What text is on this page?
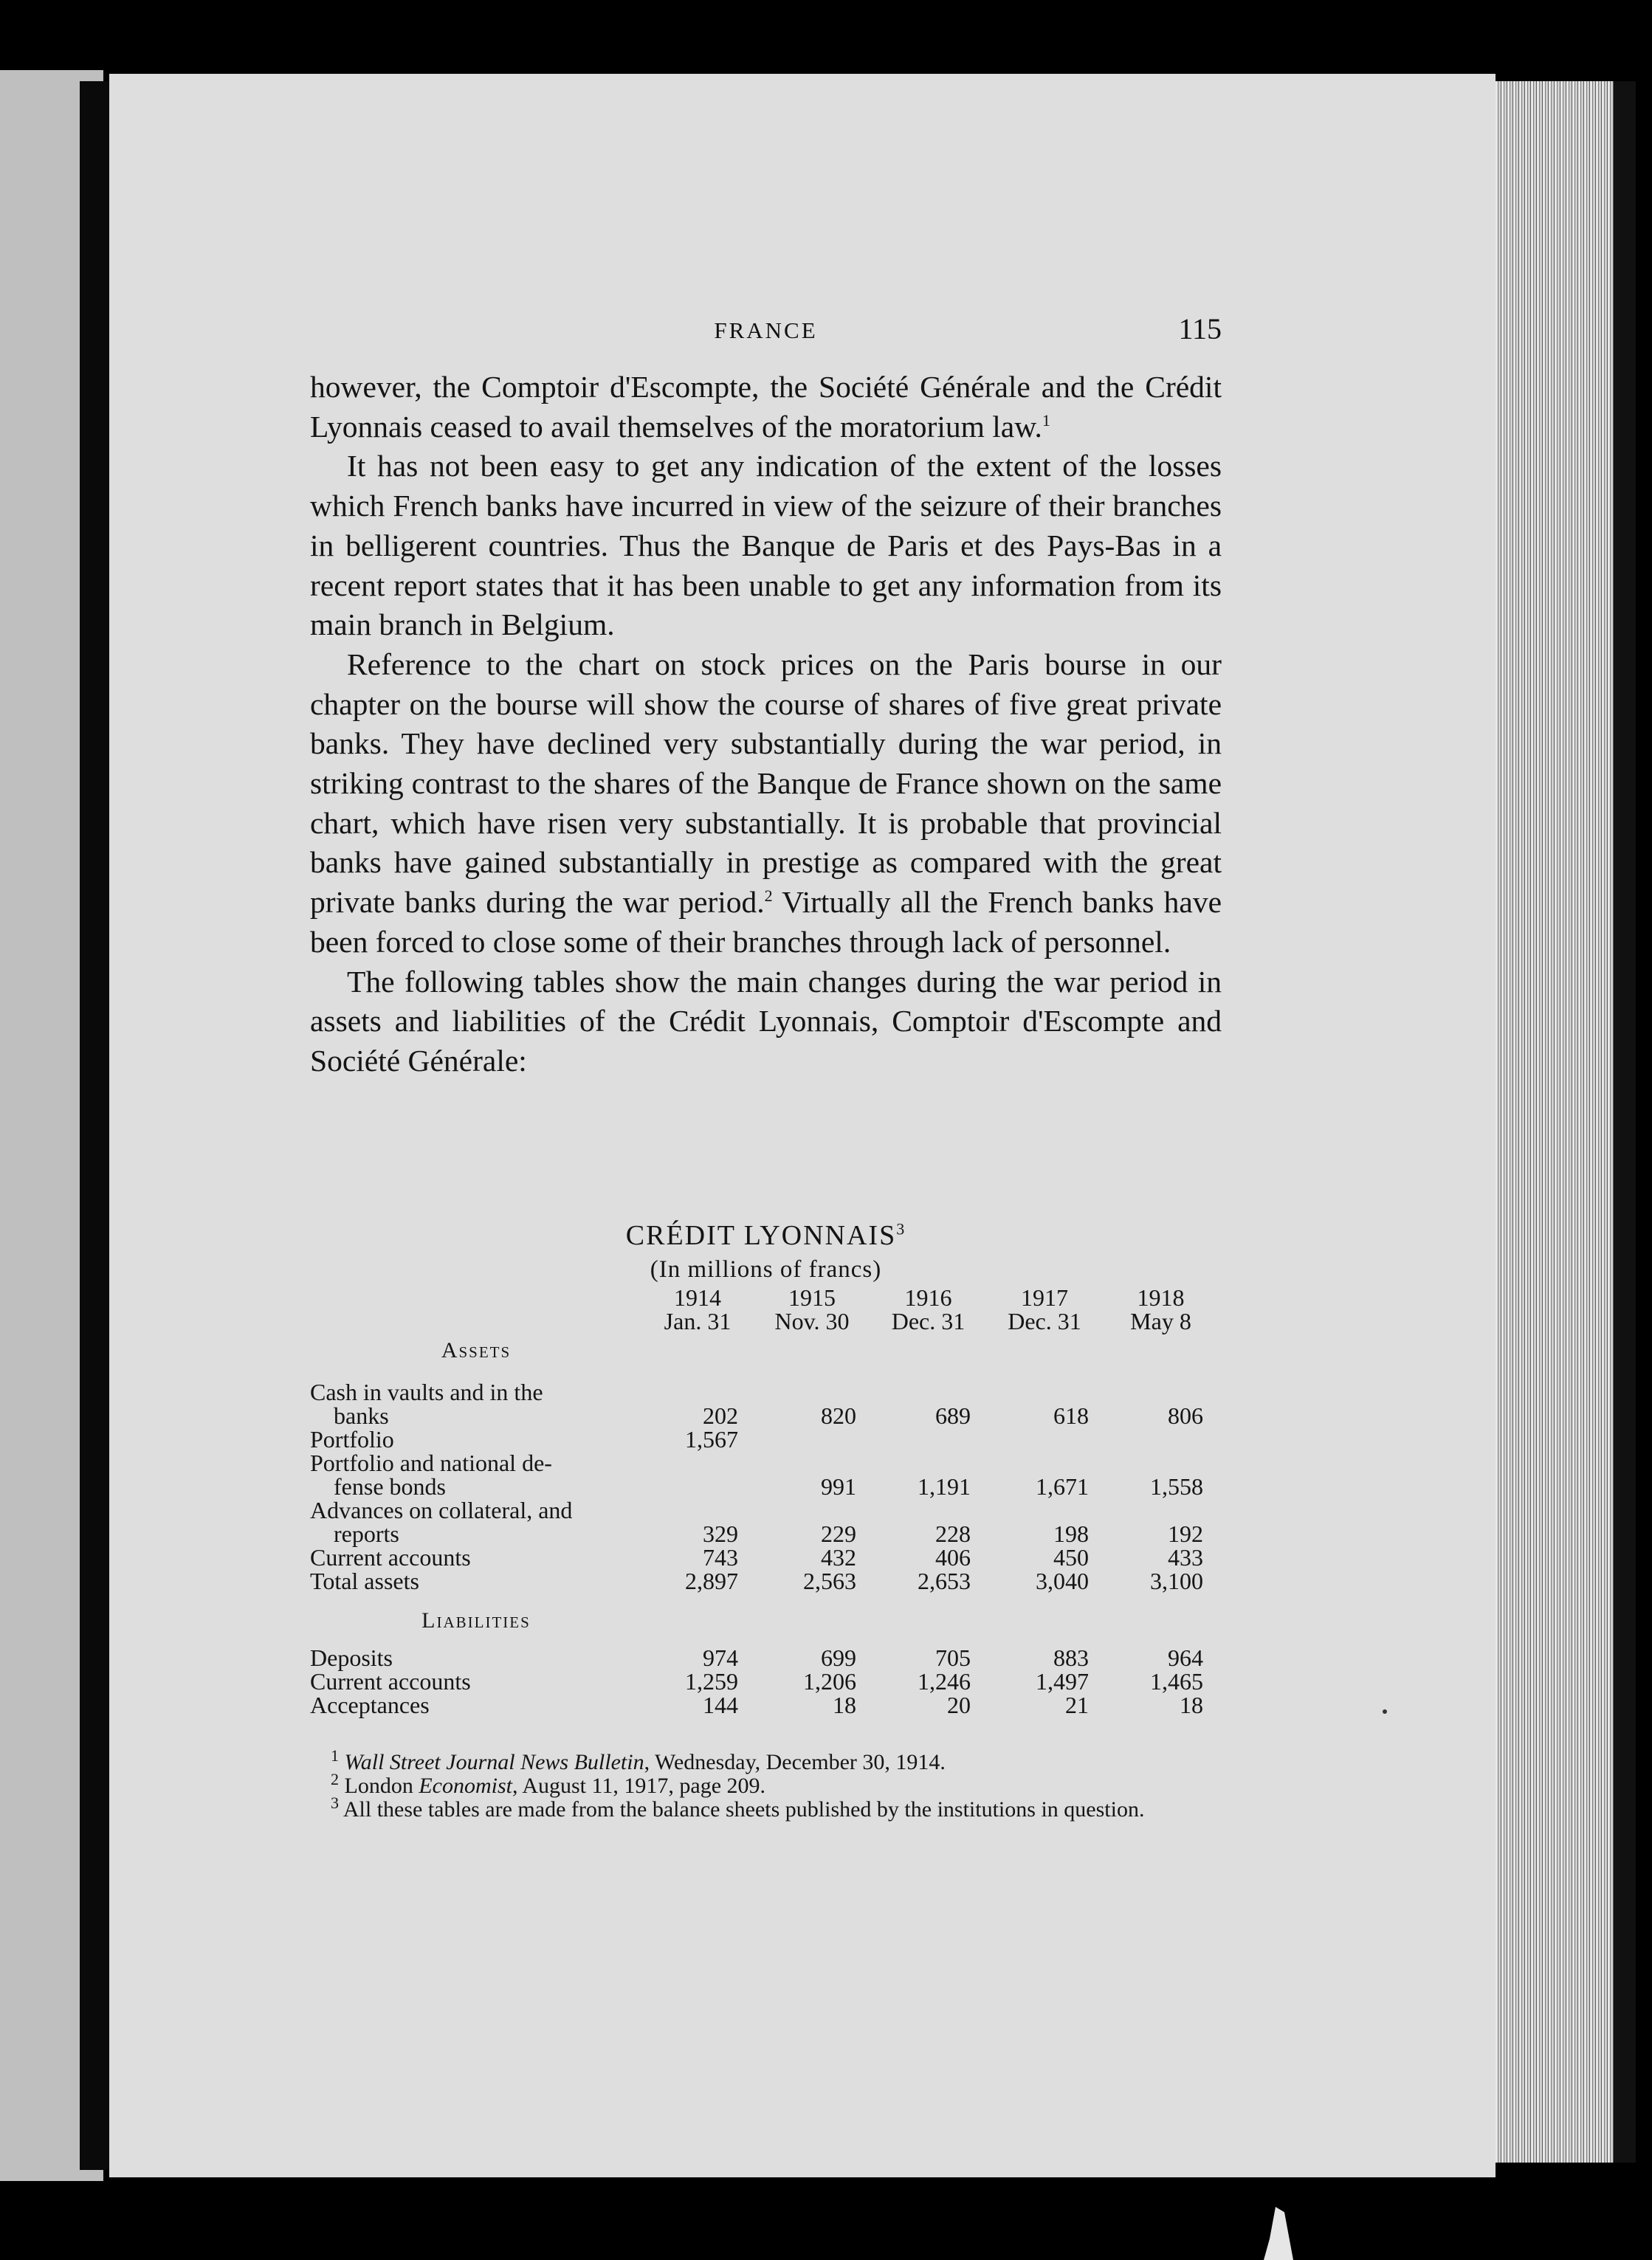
FRANCE	115

however, the Comptoir d'Escompte, the Société Générale and the Crédit Lyonnais ceased to avail themselves of the moratorium law.$^1$

It has not been easy to get any indication of the extent of the losses which French banks have incurred in view of the seizure of their branches in belligerent countries. Thus the Banque de Paris et des Pays-Bas in a recent report states that it has been unable to get any information from its main branch in Belgium.

Reference to the chart on stock prices on the Paris bourse in our chapter on the bourse will show the course of shares of five great private banks. They have declined very substantially during the war period, in striking contrast to the shares of the Banque de France shown on the same chart, which have risen very substantially. It is probable that provincial banks have gained substantially in prestige as compared with the great private banks during the war period.$^2$ Virtually all the French banks have been forced to close some of their branches through lack of personnel.

The following tables show the main changes during the war period in assets and liabilities of the Crédit Lyonnais, Comptoir d'Escompte and Société Générale:

CRÉDIT LYONNAIS$^3$
(In millions of francs)
	1914	1915	1916	1917	1918
	Jan. 31	Nov. 30	Dec. 31	Dec. 31	May 8
Assets					
Cash in vaults and in the					
banks	202	820	689	618	806
Portfolio	1,567				
Portfolio and national de-					
fense bonds		991	1,191	1,671	1,558
Advances on collateral, and					
reports	329	229	228	198	192
Current accounts	743	432	406	450	433
Total assets	2,897	2,563	2,653	3,040	3,100
Liabilities					
Deposits	974	699	705	883	964
Current accounts	1,259	1,206	1,246	1,497	1,465
Acceptances	144	18	20	21	18

$^1$ Wall Street Journal News Bulletin, Wednesday, December 30, 1914.

$^2$ London Economist, August 11, 1917, page 209.

$^3$ All these tables are made from the balance sheets published by the institutions in question.
